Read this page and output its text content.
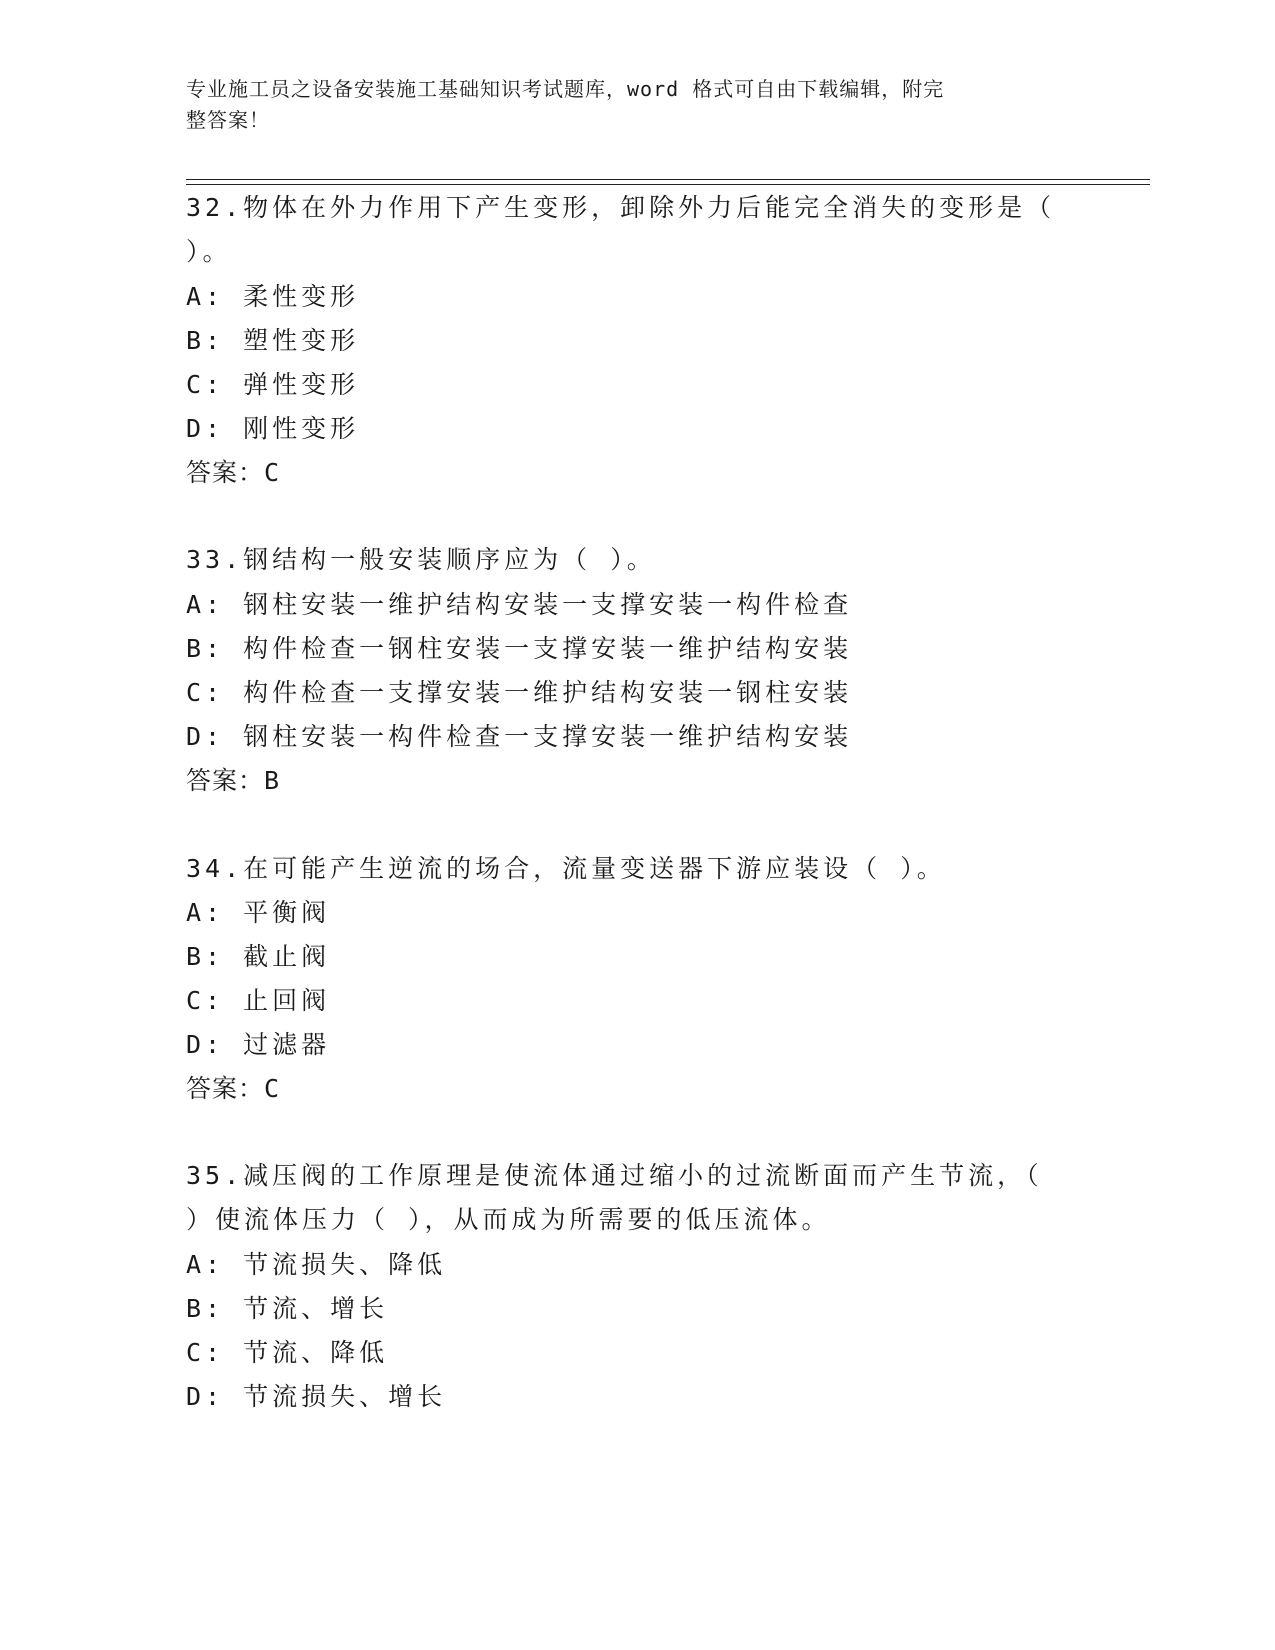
专业施工员之设备安装施工基础知识考试题库，word 格式可自由下载编辑，附完
整答案！
32.物体在外力作用下产生变形，卸除外力后能完全消失的变形是（
）。
A: 柔性变形
B: 塑性变形
C: 弹性变形
D: 刚性变形
答案：C
33.钢结构一般安装顺序应为（ ）。
A: 钢柱安装一维护结构安装一支撑安装一构件检查
B: 构件检查一钢柱安装一支撑安装一维护结构安装
C: 构件检查一支撑安装一维护结构安装一钢柱安装
D: 钢柱安装一构件检查一支撑安装一维护结构安装
答案：B
34.在可能产生逆流的场合，流量变送器下游应装设（ ）。
A: 平衡阀
B: 截止阀
C: 止回阀
D: 过滤器
答案：C
35.减压阀的工作原理是使流体通过缩小的过流断面而产生节流，（
）使流体压力（ ），从而成为所需要的低压流体。
A: 节流损失、降低
B: 节流、增长
C: 节流、降低
D: 节流损失、增长
